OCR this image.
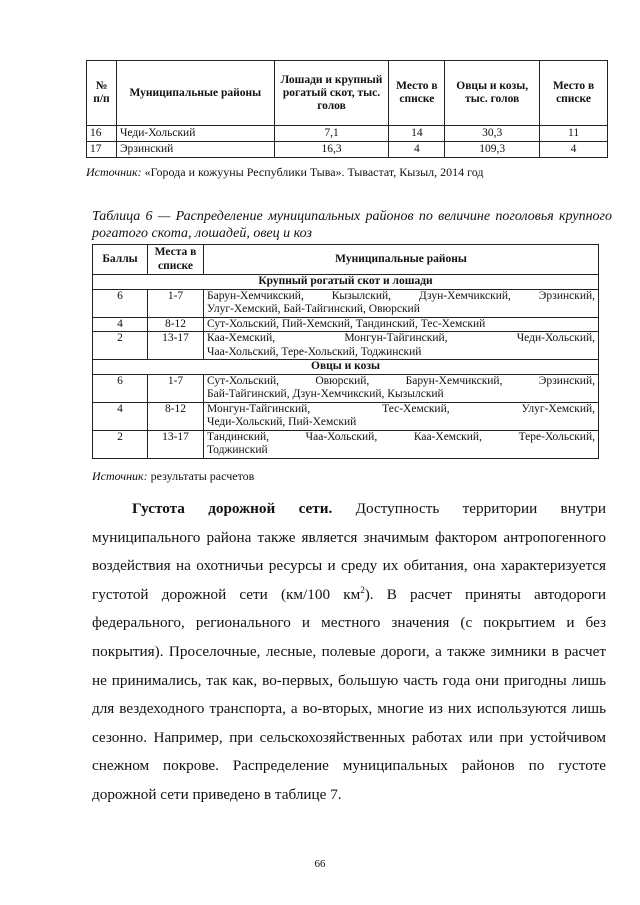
№ п/п	Муниципальные районы	Лошади и крупный рогатый скот, тыс. голов	Место в списке	Овцы и козы, тыс. голов	Место в списке
16	Чеди-Хольский	7,1	14	30,3	11
17	Эрзинский	16,3	4	109,3	4
Источник: «Города и кожууны Республики Тыва». Тывастат, Кызыл, 2014 год
Таблица 6 — Распределение муниципальных районов по величине поголовья крупного рогатого скота, лошадей, овец и коз
Баллы	Места в списке	Муниципальные районы
Крупный рогатый скот и лошади		
6	1-7	Барун-Хемчикский, Кызылский, Дзун-Хемчикский, Эрзинский,
Улуг-Хемский, Бай-Тайгинский, Овюрский

4	8-12	Сут-Хольский, Пий-Хемский, Тандинский, Тес-Хемский

2	13-17	Каа-Хемский, Монгун-Тайгинский, Чеди-Хольский,
Чаа-Хольский, Тере-Хольский, Тоджинский

Овцы и козы		
6	1-7	Сут-Хольский, Овюрский, Барун-Хемчикский, Эрзинский,
Бай-Тайгинский, Дзун-Хемчикский, Кызылский

4	8-12	Монгун-Тайгинский, Тес-Хемский, Улуг-Хемский,
Чеди-Хольский, Пий-Хемский

2	13-17	Тандинский, Чаа-Хольский, Каа-Хемский, Тере-Хольский,
Тоджинский
Источник: результаты расчетов

Густота дорожной сети. Доступность территории внутри муниципального района также является значимым фактором антропогенного воздействия на охотничьи ресурсы и среду их обитания, она характеризуется густотой дорожной сети (км/100 $км^2$). В расчет приняты автодороги федерального, регионального и местного значения (с покрытием и без покрытия). Проселочные, лесные, полевые дороги, а также зимники в расчет не принимались, так как, во-первых, большую часть года они пригодны лишь для вездеходного транспорта, а во-вторых, многие из них используются лишь сезонно. Например, при сельскохозяйственных работах или при устойчивом снежном покрове. Распределение муниципальных районов по густоте дорожной сети приведено в таблице 7.

66
